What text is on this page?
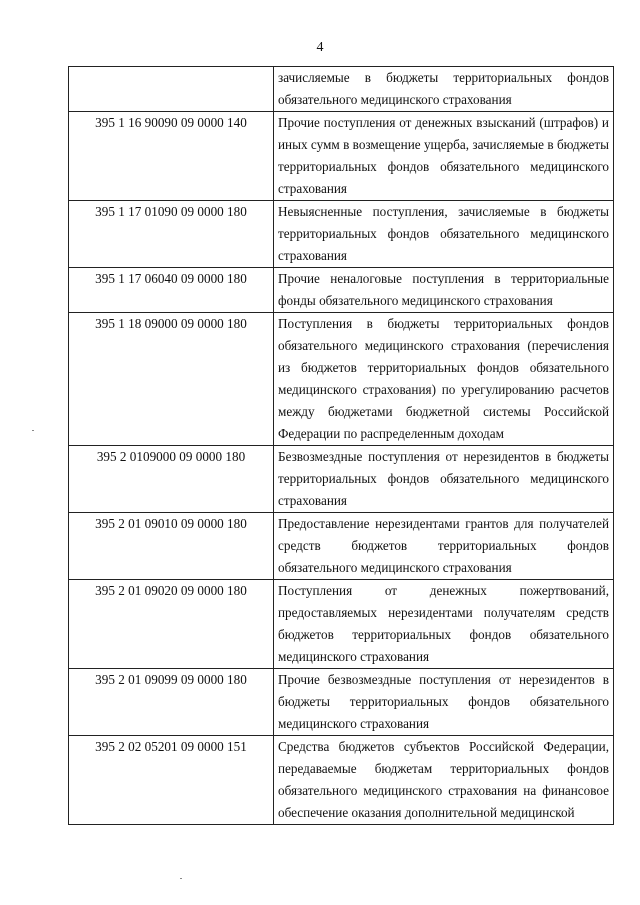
4
	зачисляемые в бюджеты территориальных фондов обязательного медицинского страхования
395 1 16 90090 09 0000 140	Прочие поступления от денежных взысканий (штрафов) и иных сумм в возмещение ущерба, зачисляемые в бюджеты территориальных фондов обязательного медицинского страхования
395 1 17 01090 09 0000 180	Невыясненные поступления, зачисляемые в бюджеты территориальных фондов обязательного медицинского страхования
395 1 17 06040 09 0000 180	Прочие неналоговые поступления в территориальные фонды обязательного медицинского страхования
395 1 18 09000 09 0000 180	Поступления в бюджеты территориальных фондов обязательного медицинского страхования (перечисления из бюджетов территориальных фондов обязательного медицинского страхования) по урегулированию расчетов между бюджетами бюджетной системы Российской Федерации по распределенным доходам
395 2 0109000 09 0000 180	Безвозмездные поступления от нерезидентов в бюджеты территориальных фондов обязательного медицинского страхования
395 2 01 09010 09 0000 180	Предоставление нерезидентами грантов для получателей средств бюджетов территориальных фондов обязательного медицинского страхования
395 2 01 09020 09 0000 180	Поступления от денежных пожертвований, предоставляемых нерезидентами получателям средств бюджетов территориальных фондов обязательного медицинского страхования
395 2 01 09099 09 0000 180	Прочие безвозмездные поступления от нерезидентов в бюджеты территориальных фондов обязательного медицинского страхования
395 2 02 05201 09 0000 151	Средства бюджетов субъектов Российской Федерации, передаваемые бюджетам территориальных фондов обязательного медицинского страхования на финансовое обеспечение оказания дополнительной медицинской
